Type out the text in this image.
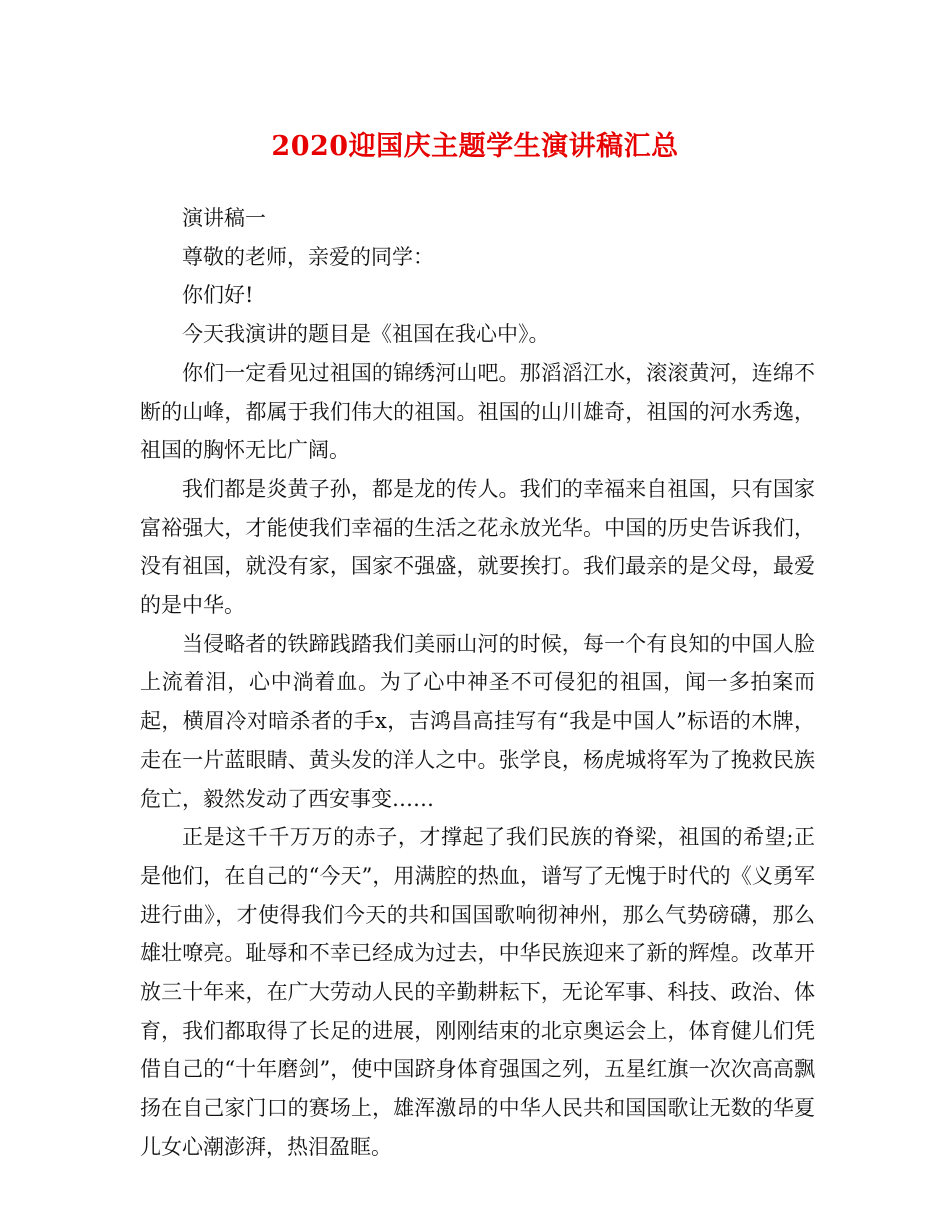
2020迎国庆主题学生演讲稿汇总

演讲稿一

尊敬的老师，亲爱的同学：

你们好!

今天我演讲的题目是《祖国在我心中》。

你们一定看见过祖国的锦绣河山吧。那滔滔江水，滚滚黄河，连绵不断的山峰，都属于我们伟大的祖国。祖国的山川雄奇，祖国的河水秀逸，祖国的胸怀无比广阔。

我们都是炎黄子孙，都是龙的传人。我们的幸福来自祖国，只有国家富裕强大，才能使我们幸福的生活之花永放光华。中国的历史告诉我们，没有祖国，就没有家，国家不强盛，就要挨打。我们最亲的是父母，最爱的是中华。

当侵略者的铁蹄践踏我们美丽山河的时候，每一个有良知的中国人脸上流着泪，心中淌着血。为了心中神圣不可侵犯的祖国，闻一多拍案而起，横眉冷对暗杀者的手x，吉鸿昌高挂写有“我是中国人”标语的木牌，走在一片蓝眼睛、黄头发的洋人之中。张学良，杨虎城将军为了挽救民族危亡，毅然发动了西安事变……

正是这千千万万的赤子，才撑起了我们民族的脊梁，祖国的希望;正是他们，在自己的“今天”，用满腔的热血，谱写了无愧于时代的《义勇军进行曲》，才使得我们今天的共和国国歌响彻神州，那么气势磅礴，那么雄壮嘹亮。耻辱和不幸已经成为过去，中华民族迎来了新的辉煌。改革开放三十年来，在广大劳动人民的辛勤耕耘下，无论军事、科技、政治、体育，我们都取得了长足的进展，刚刚结束的北京奥运会上，体育健儿们凭借自己的“十年磨剑”，使中国跻身体育强国之列，五星红旗一次次高高飘扬在自己家门口的赛场上，雄浑激昂的中华人民共和国国歌让无数的华夏儿女心潮澎湃，热泪盈眶。
